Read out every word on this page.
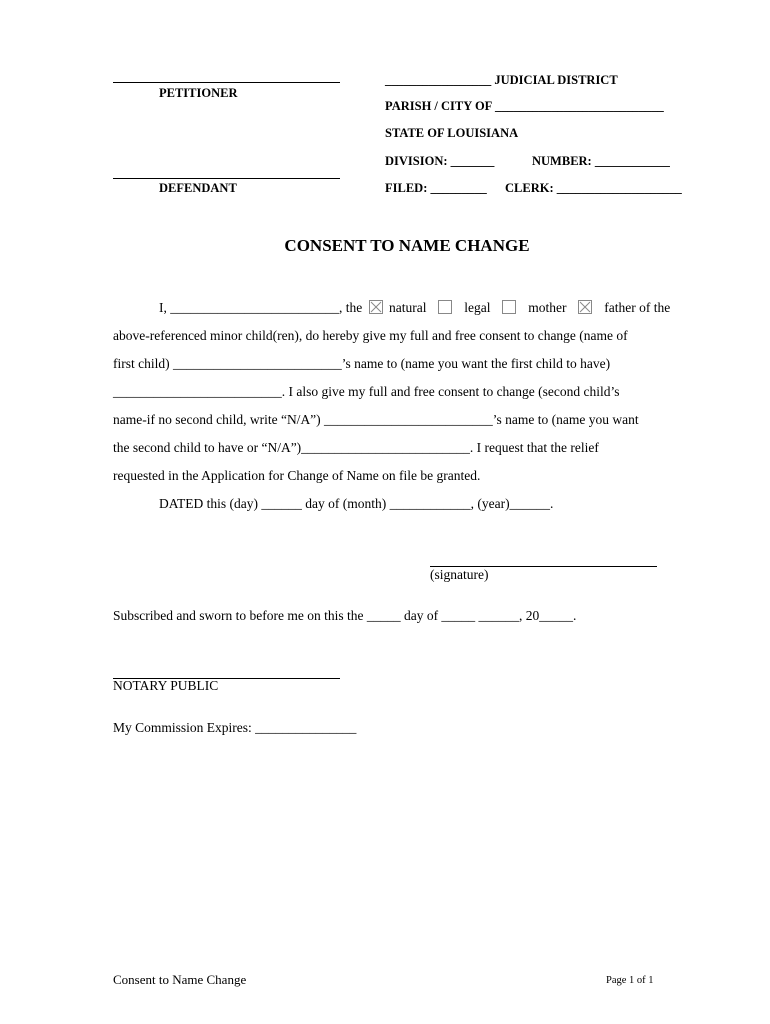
PETITIONER
DEFENDANT
_________________ JUDICIAL DISTRICT
PARISH / CITY OF ___________________________
STATE OF LOUISIANA
DIVISION: _______	NUMBER: ____________
FILED: _________ CLERK: ____________________
CONSENT TO NAME CHANGE
I, _________________________, the natural	legal	mother	father of the
above-referenced minor child(ren), do hereby give my full and free consent to change (name of
first child) _________________________’s name to (name you want the first child to have)
_________________________. I also give my full and free consent to change (second child’s
name-if no second child, write “N/A”) _________________________’s name to (name you want
the second child to have or “N/A”)_________________________. I request that the relief
requested in the Application for Change of Name on file be granted.
DATED this (day) ______ day of (month) ____________, (year)______.
(signature)
Subscribed and sworn to before me on this the _____ day of _____ ______, 20_____.
NOTARY PUBLIC
My Commission Expires: _______________
Consent to Name Change	Page 1 of 1
